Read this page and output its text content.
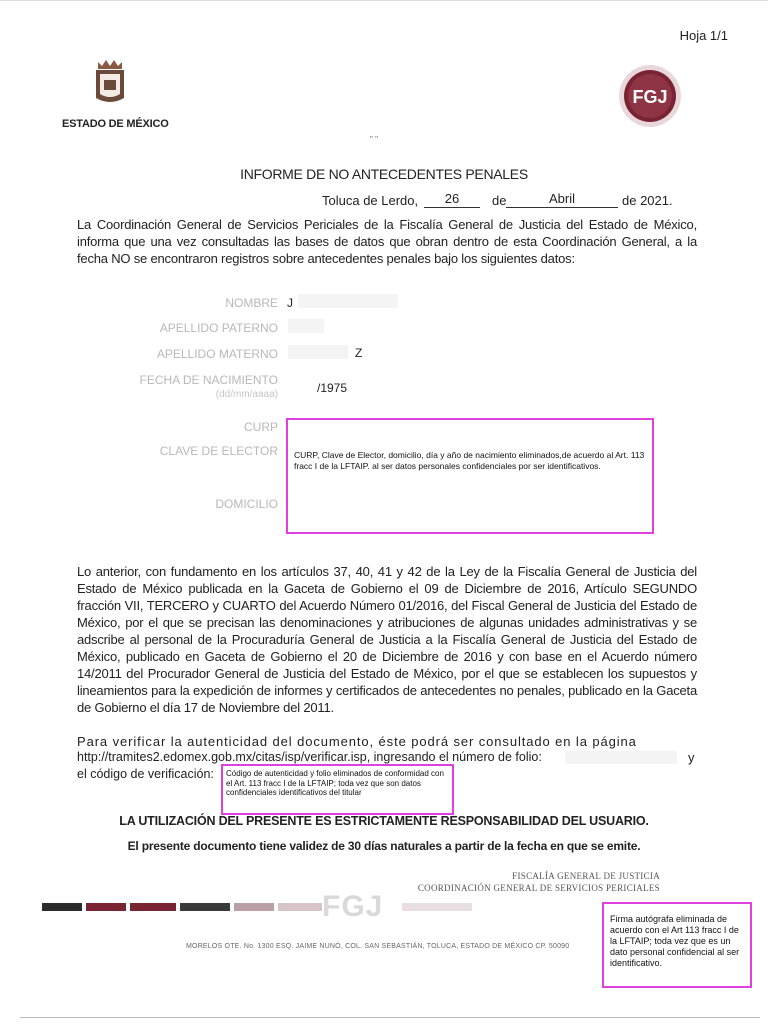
Hoja 1/1
ESTADO DE MÉXICO
FGJ
" "
INFORME DE NO ANTECEDENTES PENALES
Toluca de Lerdo,	26	de	Abril	de 2021.
La Coordinación General de Servicios Periciales de la Fiscalía General de Justicia del Estado de México, informa que una vez consultadas las bases de datos que obran dentro de esta Coordinación General, a la fecha NO se encontraron registros sobre antecedentes penales bajo los siguientes datos:
NOMBRE J
APELLIDO PATERNO
APELLIDO MATERNO	Z
FECHA DE NACIMIENTO
(dd/mm/aaaa)	/1975
CURP
CLAVE DE ELECTOR
DOMICILIO
CURP, Clave de Elector, domicilio, día y año de nacimiento eliminados,de acuerdo al Art. 113 fracc I de la LFTAIP. al ser datos personales confidenciales por ser identificativos.
Lo anterior, con fundamento en los artículos 37, 40, 41 y 42 de la Ley de la Fiscalía General de Justicia del Estado de México publicada en la Gaceta de Gobierno el 09 de Diciembre de 2016, Artículo SEGUNDO fracción VII, TERCERO y CUARTO del Acuerdo Número 01/2016, del Fiscal General de Justicia del Estado de México, por el que se precisan las denominaciones y atribuciones de algunas unidades administrativas y se adscribe al personal de la Procuraduría General de Justicia a la Fiscalía General de Justicia del Estado de México, publicado en Gaceta de Gobierno el 20 de Diciembre de 2016 y con base en el Acuerdo número 14/2011 del Procurador General de Justicia del Estado de México, por el que se establecen los supuestos y lineamientos para la expedición de informes y certificados de antecedentes no penales, publicado en la Gaceta de Gobierno el día 17 de Noviembre del 2011.
Para verificar la autenticidad del documento, éste podrá ser consultado en la página
http://tramites2.edomex.gob.mx/citas/isp/verificar.isp, ingresando el número de folio:	y
el código de verificación:	Código de autenticidad y folio eliminados de conformidad con el Art. 113 fracc I de la LFTAIP; toda vez que son datos confidenciales identificativos del titular
LA UTILIZACIÓN DEL PRESENTE ES ESTRICTAMENTE RESPONSABILIDAD DEL USUARIO.
El presente documento tiene validez de 30 días naturales a partir de la fecha en que se emite.
FISCALÍA GENERAL DE JUSTICIA
COORDINACIÓN GENERAL DE SERVICIOS PERICIALES
FGJ
MORELOS OTE. No. 1300 ESQ. JAIME NUNÓ, COL. SAN SEBASTIÁN, TOLUCA, ESTADO DE MÉXICO CP. 50090
Firma autógrafa eliminada de acuerdo con el Art 113 fracc I de la LFTAIP; toda vez que es un dato personal confidencial al ser identificativo.
